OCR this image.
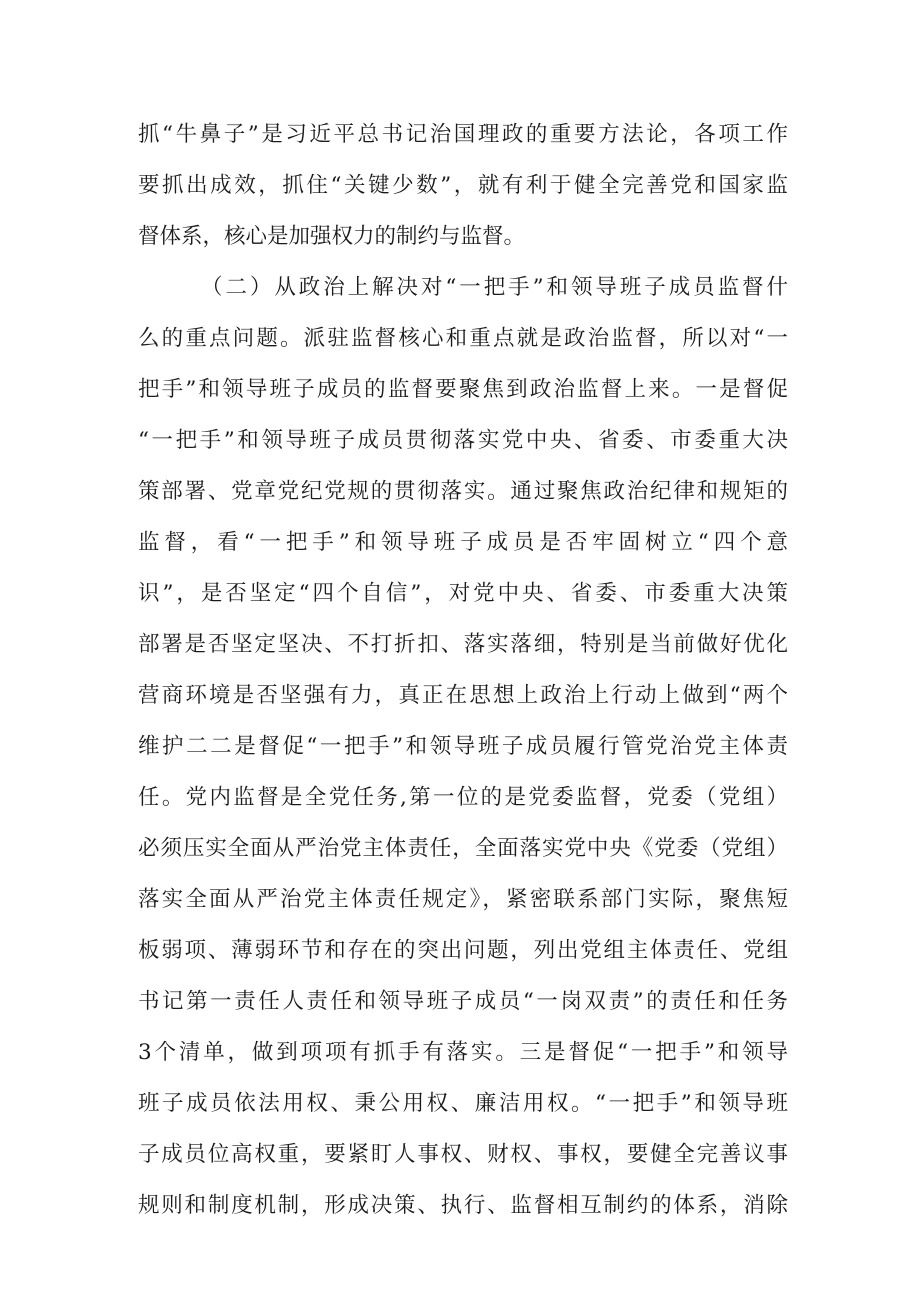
抓“牛鼻子”是习近平总书记治国理政的重要方法论，各项工作
要抓出成效，抓住“关键少数”，就有利于健全完善党和国家监
督体系，核心是加强权力的制约与监督。
（二）从政治上解决对“一把手”和领导班子成员监督什
么的重点问题。派驻监督核心和重点就是政治监督，所以对“一
把手”和领导班子成员的监督要聚焦到政治监督上来。一是督促
“一把手”和领导班子成员贯彻落实党中央、省委、市委重大决
策部署、党章党纪党规的贯彻落实。通过聚焦政治纪律和规矩的
监督，看“一把手”和领导班子成员是否牢固树立“四个意
识”，是否坚定“四个自信”，对党中央、省委、市委重大决策
部署是否坚定坚决、不打折扣、落实落细，特别是当前做好优化
营商环境是否坚强有力，真正在思想上政治上行动上做到“两个
维护二二是督促“一把手”和领导班子成员履行管党治党主体责
任。党内监督是全党任务,第一位的是党委监督，党委（党组）
必须压实全面从严治党主体责任，全面落实党中央《党委（党组）
落实全面从严治党主体责任规定》，紧密联系部门实际，聚焦短
板弱项、薄弱环节和存在的突出问题，列出党组主体责任、党组
书记第一责任人责任和领导班子成员“一岗双责”的责任和任务
3个清单，做到项项有抓手有落实。三是督促“一把手”和领导
班子成员依法用权、秉公用权、廉洁用权。“一把手”和领导班
子成员位高权重，要紧盯人事权、财权、事权，要健全完善议事
规则和制度机制，形成决策、执行、监督相互制约的体系，消除
